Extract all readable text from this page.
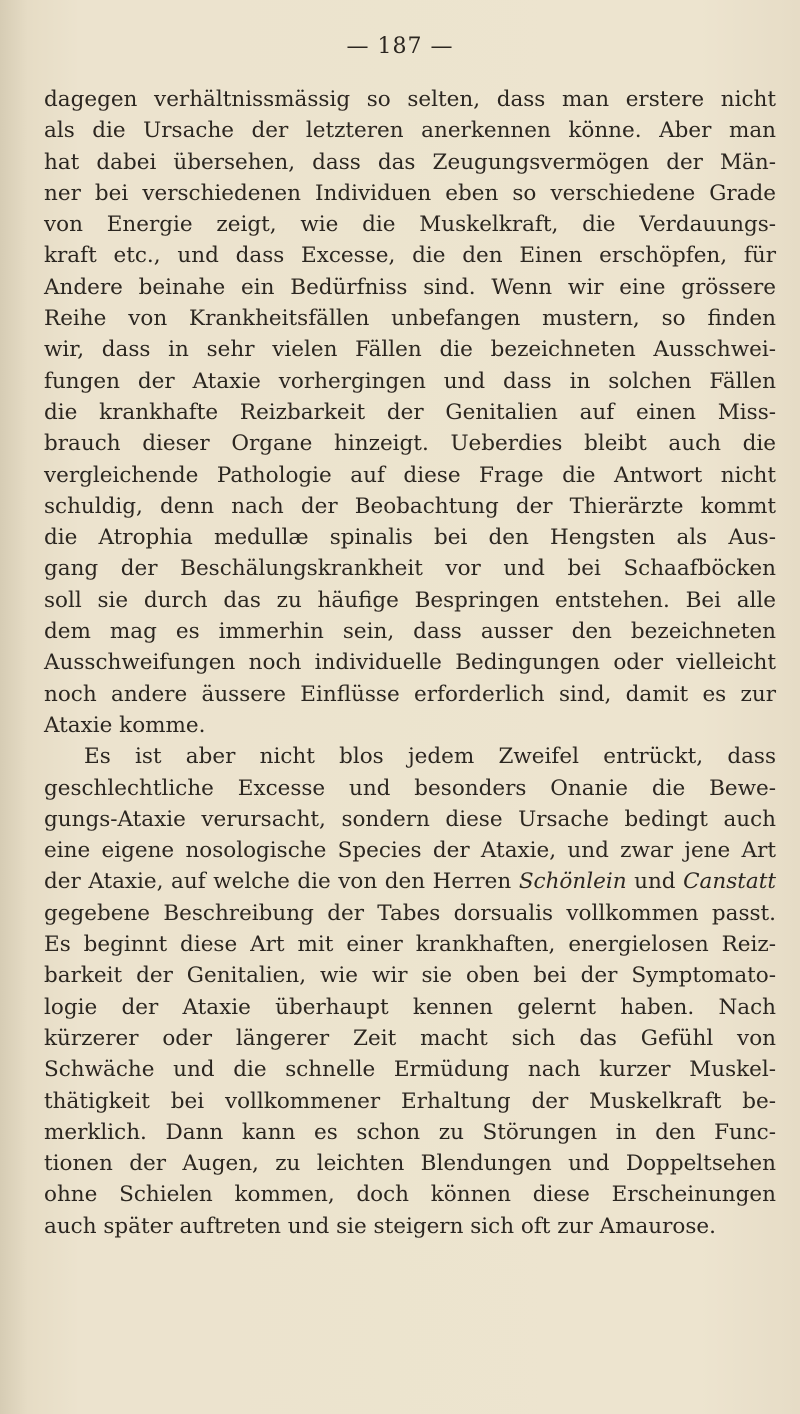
— 187 —

dagegen verhältnissmässig so selten, dass man erstere nicht
als die Ursache der letzteren anerkennen könne. Aber man
hat dabei übersehen, dass das Zeugungsvermögen der Män-
ner bei verschiedenen Individuen eben so verschiedene Grade
von Energie zeigt, wie die Muskelkraft, die Verdauungs-
kraft etc., und dass Excesse, die den Einen erschöpfen, für
Andere beinahe ein Bedürfniss sind. Wenn wir eine grössere
Reihe von Krankheitsfällen unbefangen mustern, so finden
wir, dass in sehr vielen Fällen die bezeichneten Ausschwei-
fungen der Ataxie vorhergingen und dass in solchen Fällen
die krankhafte Reizbarkeit der Genitalien auf einen Miss-
brauch dieser Organe hinzeigt. Ueberdies bleibt auch die
vergleichende Pathologie auf diese Frage die Antwort nicht
schuldig, denn nach der Beobachtung der Thierärzte kommt
die Atrophia medullæ spinalis bei den Hengsten als Aus-
gang der Beschälungskrankheit vor und bei Schaafböcken
soll sie durch das zu häufige Bespringen entstehen. Bei alle
dem mag es immerhin sein, dass ausser den bezeichneten
Ausschweifungen noch individuelle Bedingungen oder vielleicht
noch andere äussere Einflüsse erforderlich sind, damit es zur
Ataxie komme.

Es ist aber nicht blos jedem Zweifel entrückt, dass
geschlechtliche Excesse und besonders Onanie die Bewe-
gungs-Ataxie verursacht, sondern diese Ursache bedingt auch
eine eigene nosologische Species der Ataxie, und zwar jene Art
der Ataxie, auf welche die von den Herren Schönlein und Canstatt
gegebene Beschreibung der Tabes dorsualis vollkommen passt.
Es beginnt diese Art mit einer krankhaften, energielosen Reiz-
barkeit der Genitalien, wie wir sie oben bei der Symptomato-
logie der Ataxie überhaupt kennen gelernt haben. Nach
kürzerer oder längerer Zeit macht sich das Gefühl von
Schwäche und die schnelle Ermüdung nach kurzer Muskel-
thätigkeit bei vollkommener Erhaltung der Muskelkraft be-
merklich. Dann kann es schon zu Störungen in den Func-
tionen der Augen, zu leichten Blendungen und Doppeltsehen
ohne Schielen kommen, doch können diese Erscheinungen
auch später auftreten und sie steigern sich oft zur Amaurose.
